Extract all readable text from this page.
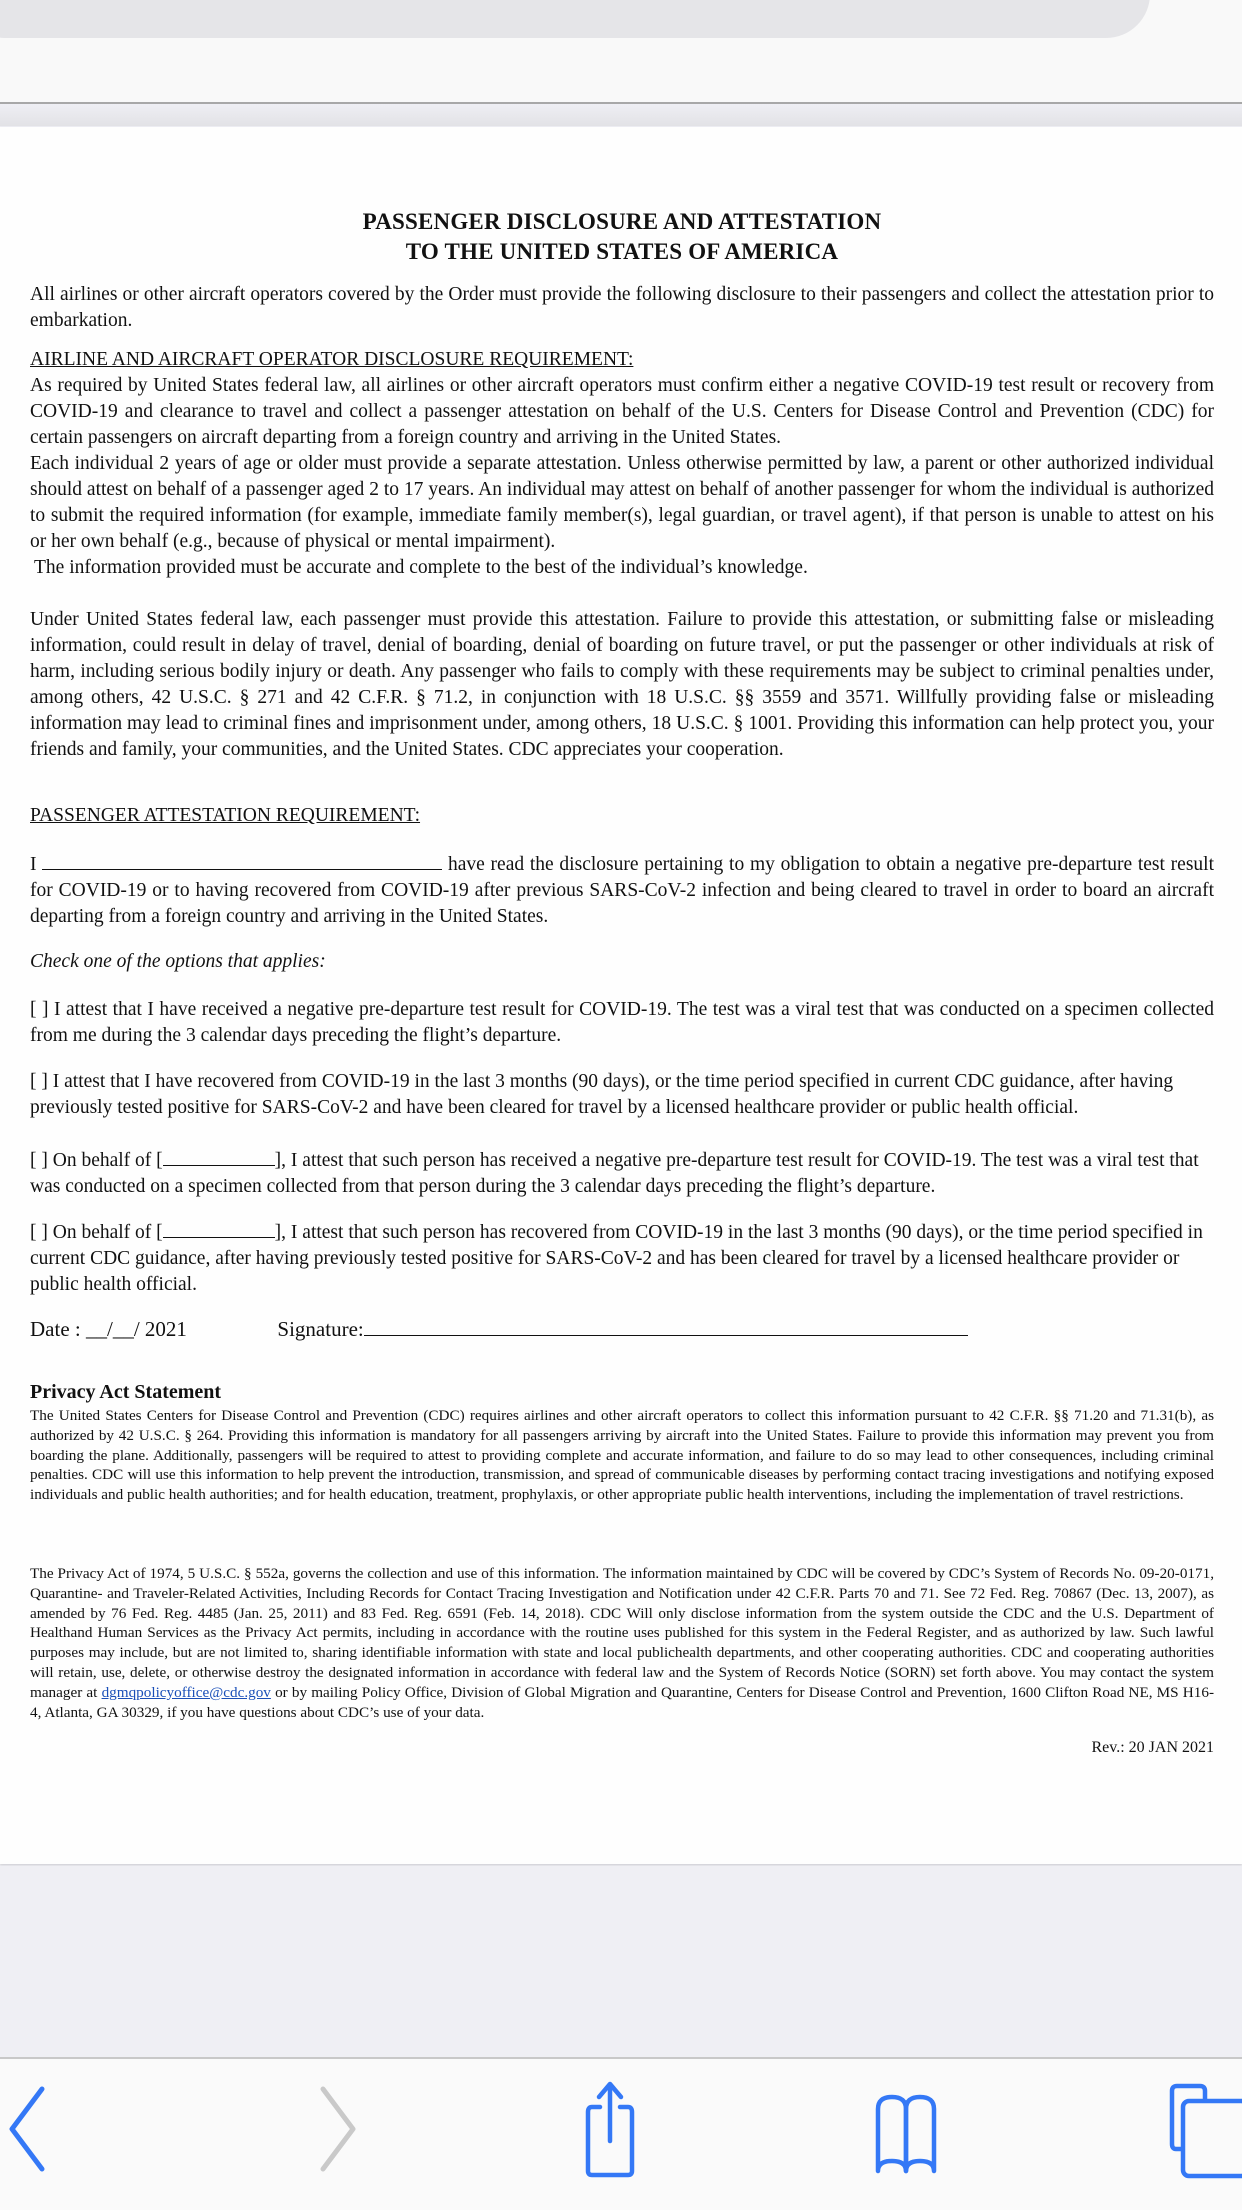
PASSENGER DISCLOSURE AND ATTESTATION
TO THE UNITED STATES OF AMERICA
All airlines or other aircraft operators covered by the Order must provide the following disclosure to their passengers and collect the attestation prior to embarkation.
AIRLINE AND AIRCRAFT OPERATOR DISCLOSURE REQUIREMENT:
As required by United States federal law, all airlines or other aircraft operators must confirm either a negative COVID-19 test result or recovery from COVID-19 and clearance to travel and collect a passenger attestation on behalf of the U.S. Centers for Disease Control and Prevention (CDC) for certain passengers on aircraft departing from a foreign country and arriving in the United States.
Each individual 2 years of age or older must provide a separate attestation. Unless otherwise permitted by law, a parent or other authorized individual should attest on behalf of a passenger aged 2 to 17 years. An individual may attest on behalf of another passenger for whom the individual is authorized to submit the required information (for example, immediate family member(s), legal guardian, or travel agent), if that person is unable to attest on his or her own behalf (e.g., because of physical or mental impairment).
The information provided must be accurate and complete to the best of the individual’s knowledge.
Under United States federal law, each passenger must provide this attestation. Failure to provide this attestation, or submitting false or misleading information, could result in delay of travel, denial of boarding, denial of boarding on future travel, or put the passenger or other individuals at risk of harm, including serious bodily injury or death. Any passenger who fails to comply with these requirements may be subject to criminal penalties under, among others, 42 U.S.C. § 271 and 42 C.F.R. § 71.2, in conjunction with 18 U.S.C. §§ 3559 and 3571. Willfully providing false or misleading information may lead to criminal fines and imprisonment under, among others, 18 U.S.C. § 1001. Providing this information can help protect you, your friends and family, your communities, and the United States. CDC appreciates your cooperation.
PASSENGER ATTESTATION REQUIREMENT:
I	have read the disclosure pertaining to my obligation to obtain a negative pre-departure test result for COVID-19 or to having recovered from COVID-19 after previous SARS-CoV-2 infection and being cleared to travel in order to board an aircraft departing from a foreign country and arriving in the United States.
Check one of the options that applies:
[ ] I attest that I have received a negative pre-departure test result for COVID-19. The test was a viral test that was conducted on a specimen collected from me during the 3 calendar days preceding the flight’s departure.
[ ] I attest that I have recovered from COVID-19 in the last 3 months (90 days), or the time period specified in current CDC guidance, after having previously tested positive for SARS-CoV-2 and have been cleared for travel by a licensed healthcare provider or public health official.
[ ] On behalf of [	], I attest that such person has received a negative pre-departure test result for COVID-19. The test was a viral test that was conducted on a specimen collected from that person during the 3 calendar days preceding the flight’s departure.
[ ] On behalf of [	], I attest that such person has recovered from COVID-19 in the last 3 months (90 days), or the time period specified in current CDC guidance, after having previously tested positive for SARS-CoV-2 and has been cleared for travel by a licensed healthcare provider or public health official.
Date : __/__/ 2021	Signature:
Privacy Act Statement
The United States Centers for Disease Control and Prevention (CDC) requires airlines and other aircraft operators to collect this information pursuant to 42 C.F.R. §§ 71.20 and 71.31(b), as authorized by 42 U.S.C. § 264. Providing this information is mandatory for all passengers arriving by aircraft into the United States. Failure to provide this information may prevent you from boarding the plane. Additionally, passengers will be required to attest to providing complete and accurate information, and failure to do so may lead to other consequences, including criminal penalties. CDC will use this information to help prevent the introduction, transmission, and spread of communicable diseases by performing contact tracing investigations and notifying exposed individuals and public health authorities; and for health education, treatment, prophylaxis, or other appropriate public health interventions, including the implementation of travel restrictions.
The Privacy Act of 1974, 5 U.S.C. § 552a, governs the collection and use of this information. The information maintained by CDC will be covered by CDC’s System of Records No. 09-20-0171, Quarantine- and Traveler-Related Activities, Including Records for Contact Tracing Investigation and Notification under 42 C.F.R. Parts 70 and 71. See 72 Fed. Reg. 70867 (Dec. 13, 2007), as amended by 76 Fed. Reg. 4485 (Jan. 25, 2011) and 83 Fed. Reg. 6591 (Feb. 14, 2018). CDC Will only disclose information from the system outside the CDC and the U.S. Department of Healthand Human Services as the Privacy Act permits, including in accordance with the routine uses published for this system in the Federal Register, and as authorized by law. Such lawful purposes may include, but are not limited to, sharing identifiable information with state and local publichealth departments, and other cooperating authorities. CDC and cooperating authorities will retain, use, delete, or otherwise destroy the designated information in accordance with federal law and the System of Records Notice (SORN) set forth above. You may contact the system manager at dgmqpolicyoffice@cdc.gov or by mailing Policy Office, Division of Global Migration and Quarantine, Centers for Disease Control and Prevention, 1600 Clifton Road NE, MS H16-4, Atlanta, GA 30329, if you have questions about CDC’s use of your data.
Rev.: 20 JAN 2021
